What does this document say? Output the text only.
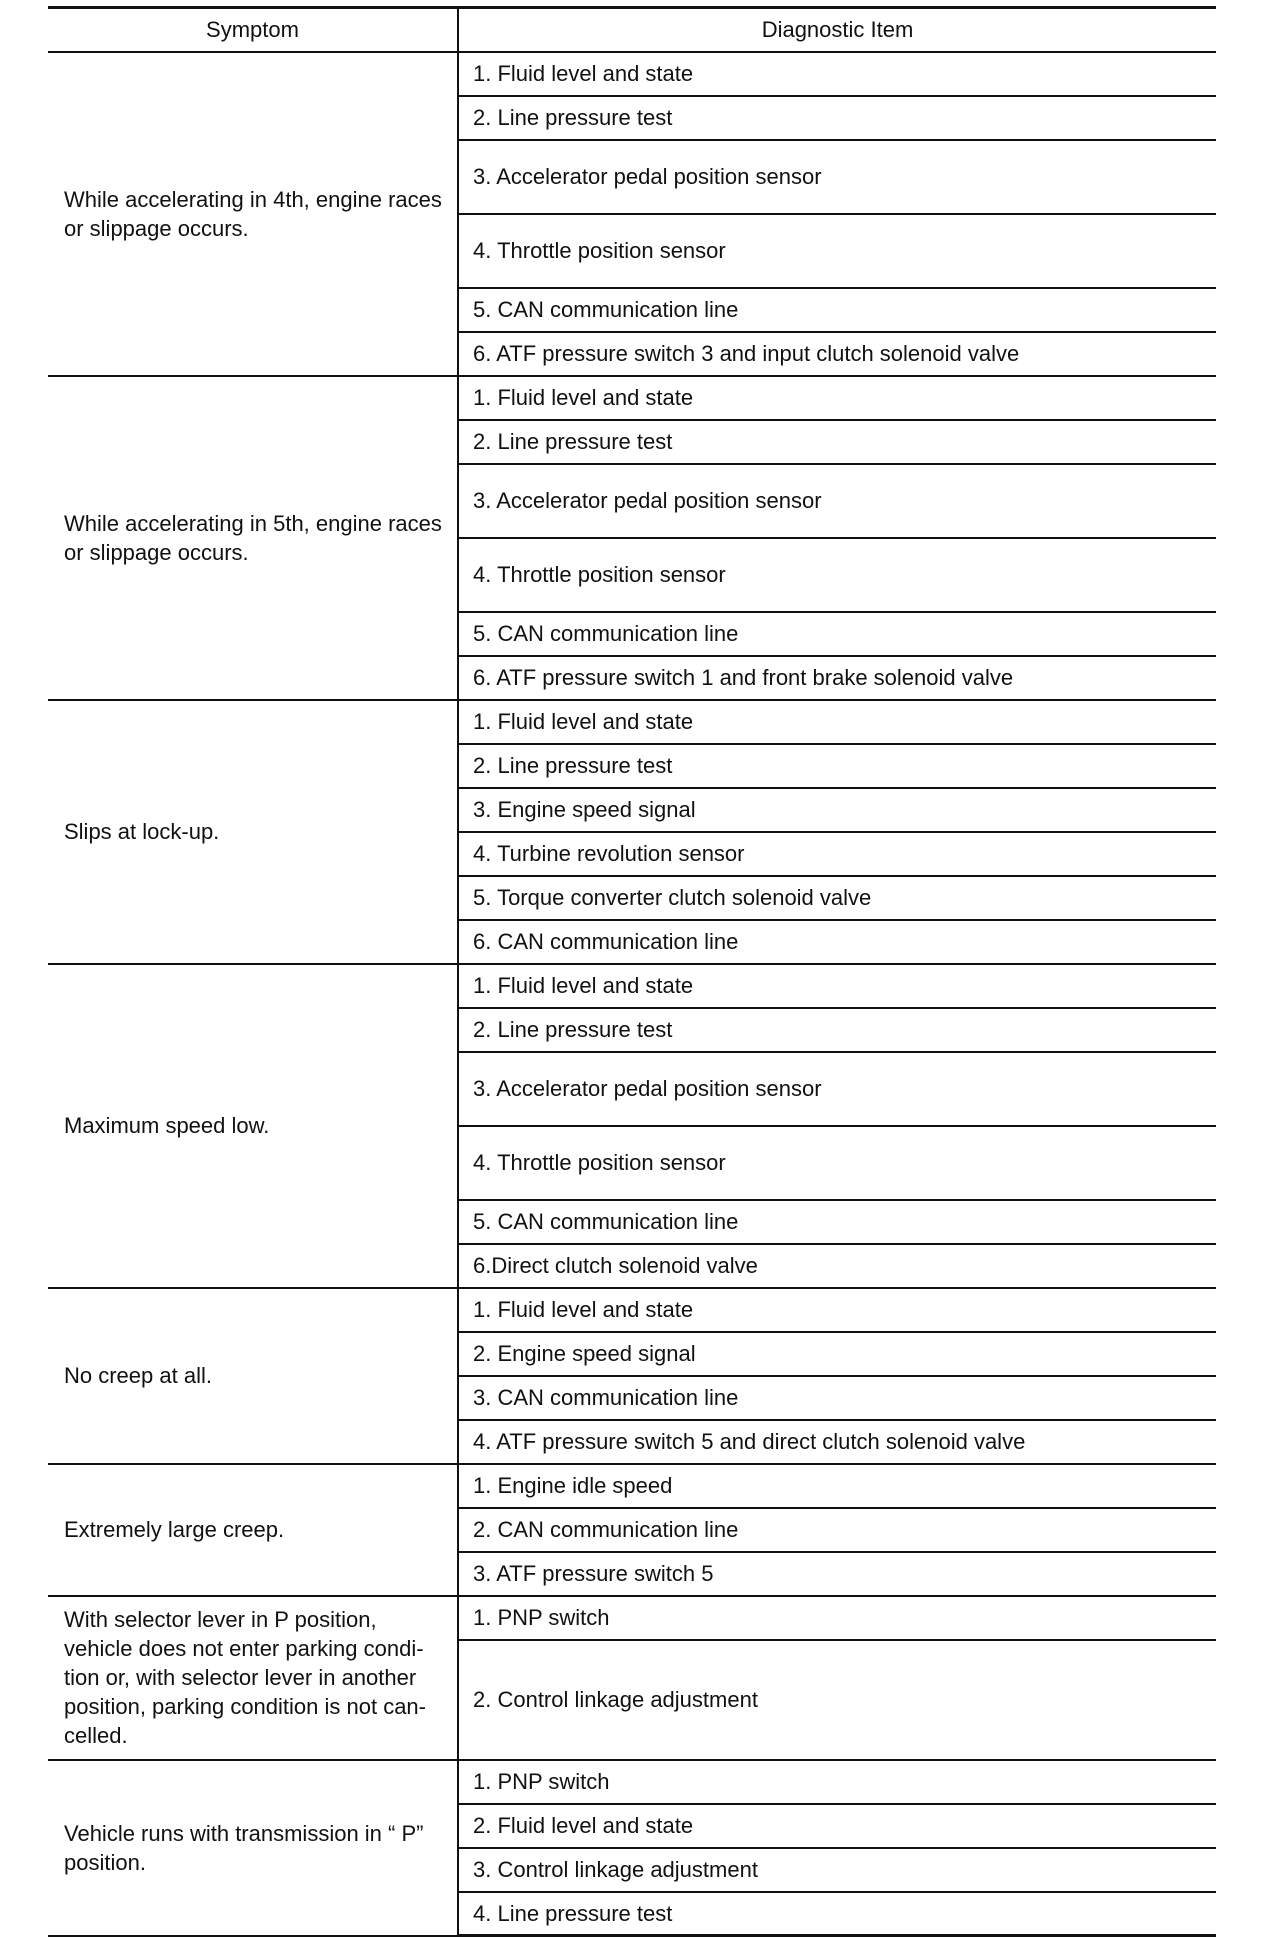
Symptom	Diagnostic Item
While accelerating in 4th, engine races or slippage occurs.	1. Fluid level and state
	2. Line pressure test
	3. Accelerator pedal position sensor
	4. Throttle position sensor
	5. CAN communication line
	6. ATF pressure switch 3 and input clutch solenoid valve
While accelerating in 5th, engine races or slippage occurs.	1. Fluid level and state
	2. Line pressure test
	3. Accelerator pedal position sensor
	4. Throttle position sensor
	5. CAN communication line
	6. ATF pressure switch 1 and front brake solenoid valve
Slips at lock-up.	1. Fluid level and state
	2. Line pressure test
	3. Engine speed signal
	4. Turbine revolution sensor
	5. Torque converter clutch solenoid valve
	6. CAN communication line
Maximum speed low.	1. Fluid level and state
	2. Line pressure test
	3. Accelerator pedal position sensor
	4. Throttle position sensor
	5. CAN communication line
	6.Direct clutch solenoid valve
No creep at all.	1. Fluid level and state
	2. Engine speed signal
	3. CAN communication line
	4. ATF pressure switch 5 and direct clutch solenoid valve
Extremely large creep.	1. Engine idle speed
	2. CAN communication line
	3. ATF pressure switch 5
With selector lever in P position, vehicle does not enter parking condi-tion or, with selector lever in another position, parking condition is not can-celled.	1. PNP switch
	2. Control linkage adjustment
Vehicle runs with transmission in “ P” position.	1. PNP switch
	2. Fluid level and state
	3. Control linkage adjustment
	4. Line pressure test
